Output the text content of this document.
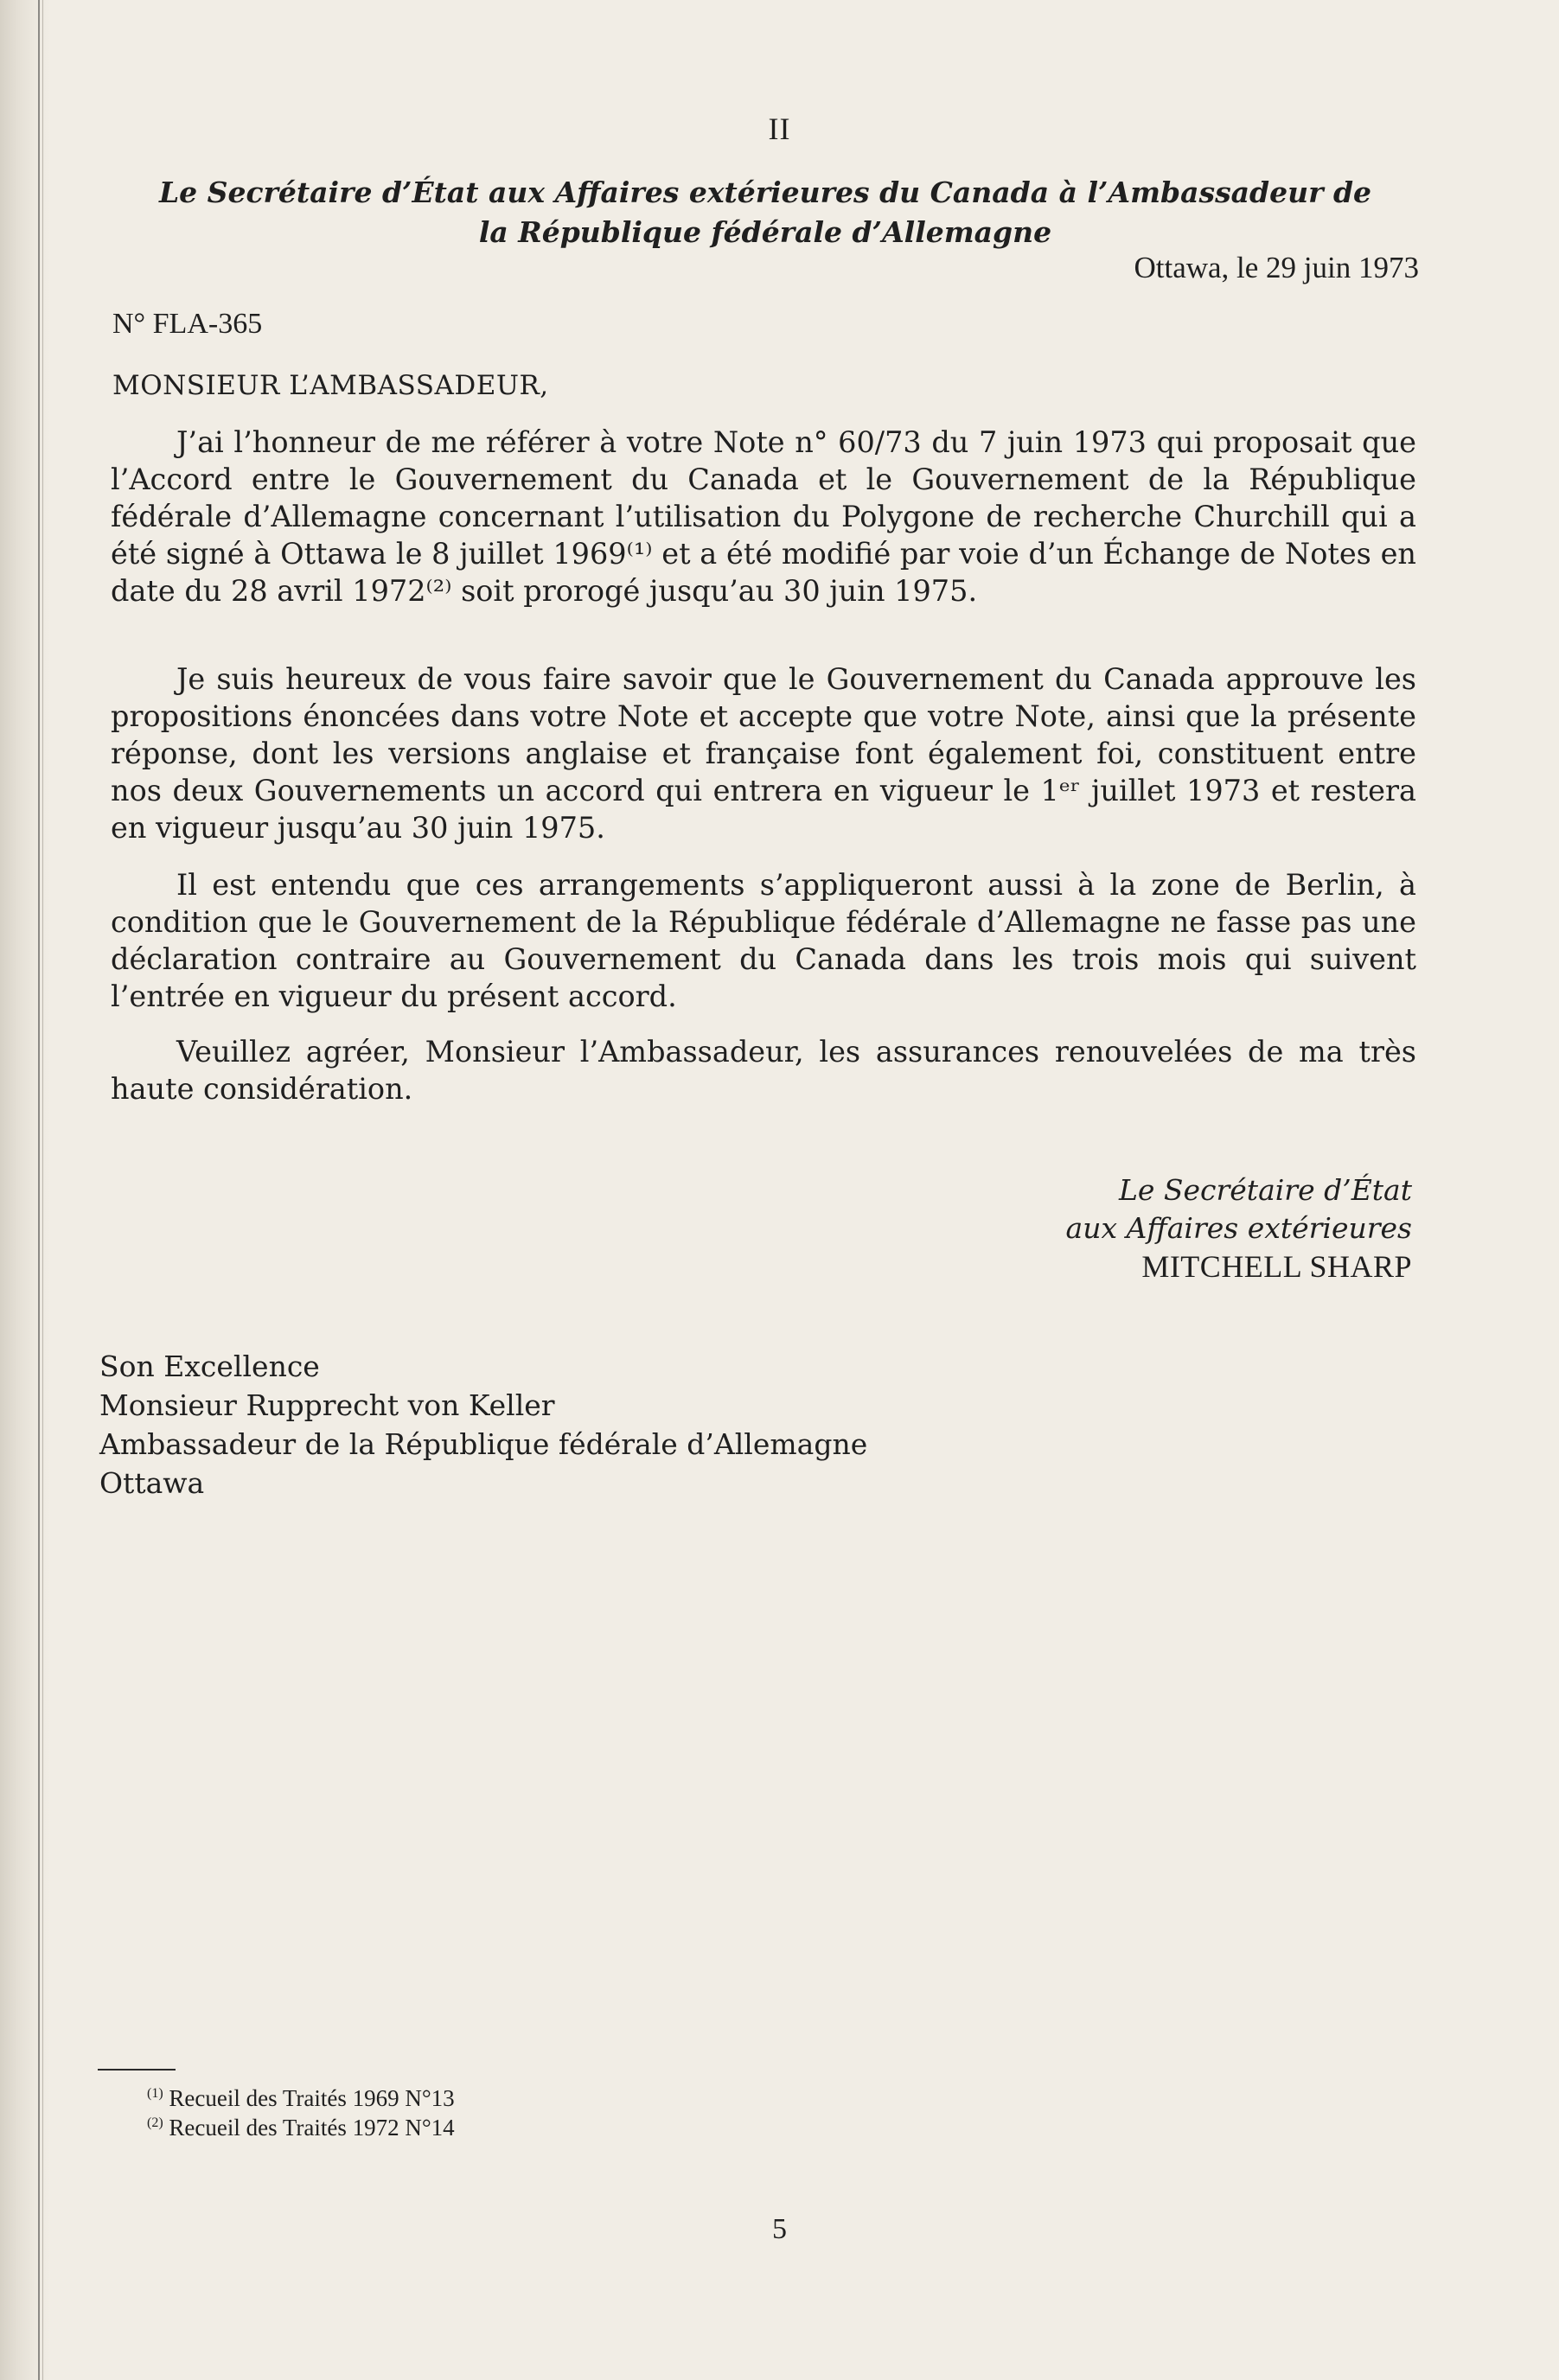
II
Le Secrétaire d’État aux Affaires extérieures du Canada à l’Ambassadeur de
la République fédérale d’Allemagne
Ottawa, le 29 juin 1973
N° FLA-365
MONSIEUR L’AMBASSADEUR,

J’ai l’honneur de me référer à votre Note n° 60/73 du 7 juin 1973 qui proposait que l’Accord entre le Gouvernement du Canada et le Gouvernement de la République fédérale d’Allemagne concernant l’utilisation du Polygone de recherche Churchill qui a été signé à Ottawa le 8 juillet 1969⁽¹⁾ et a été modifié par voie d’un Échange de Notes en date du 28 avril 1972⁽²⁾ soit prorogé jusqu’au 30 juin 1975.

Je suis heureux de vous faire savoir que le Gouvernement du Canada approuve les propositions énoncées dans votre Note et accepte que votre Note, ainsi que la présente réponse, dont les versions anglaise et française font également foi, constituent entre nos deux Gouvernements un accord qui entrera en vigueur le 1ᵉʳ juillet 1973 et restera en vigueur jusqu’au 30 juin 1975.

Il est entendu que ces arrangements s’appliqueront aussi à la zone de Berlin, à condition que le Gouvernement de la République fédérale d’Allemagne ne fasse pas une déclaration contraire au Gouvernement du Canada dans les trois mois qui suivent l’entrée en vigueur du présent accord.

Veuillez agréer, Monsieur l’Ambassadeur, les assurances renouvelées de ma très haute considération.

Le Secrétaire d’État
aux Affaires extérieures
MITCHELL SHARP
Son Excellence
Monsieur Rupprecht von Keller
Ambassadeur de la République fédérale d’Allemagne
Ottawa
$^{(1)}$ Recueil des Traités 1969 N°13
$^{(2)}$ Recueil des Traités 1972 N°14
5
